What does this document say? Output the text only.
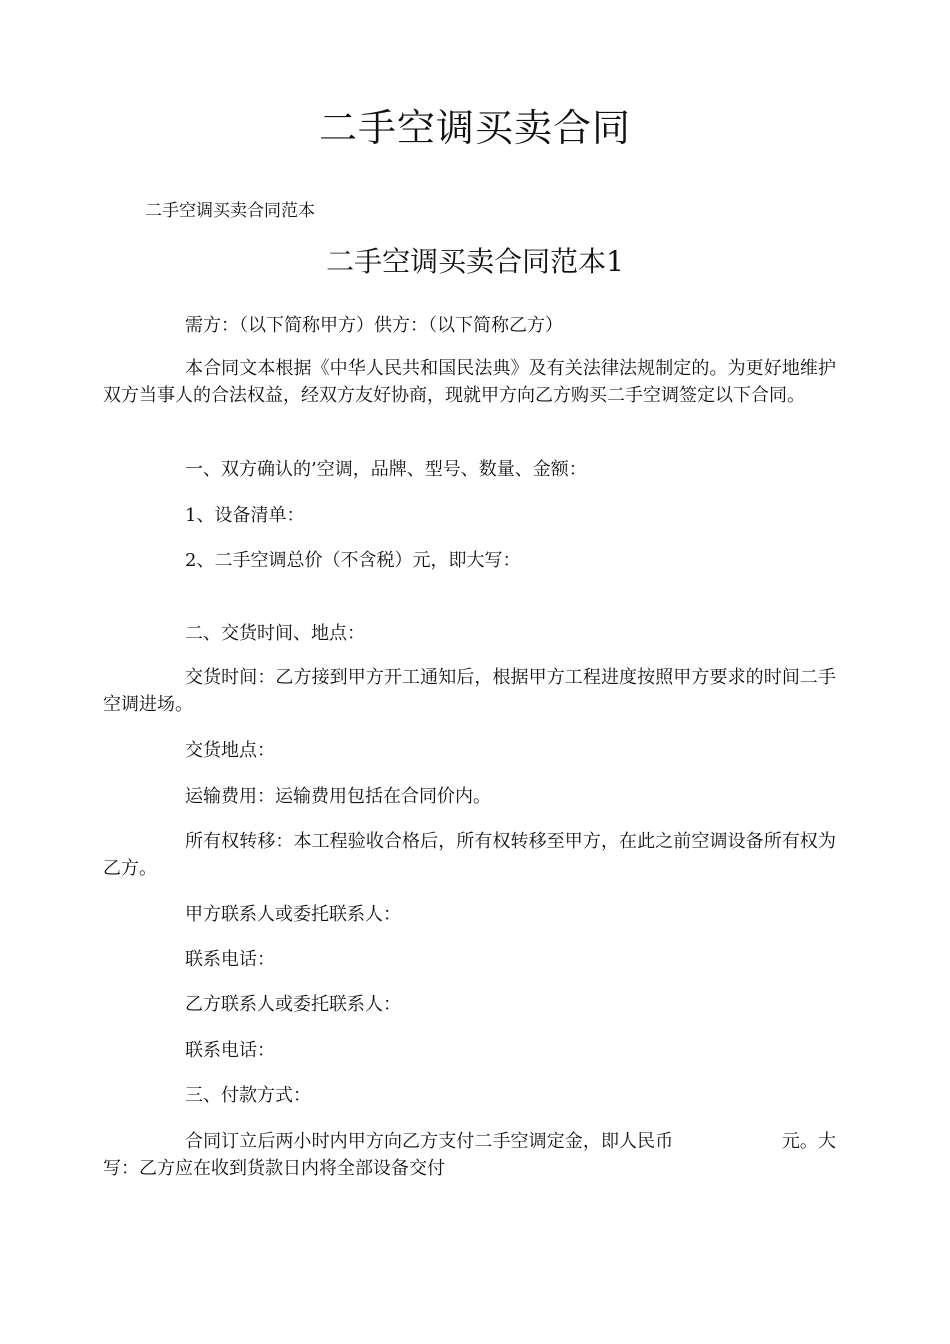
二手空调买卖合同
二手空调买卖合同范本
二手空调买卖合同范本1

需方：（以下简称甲方）供方：（以下简称乙方）

本合同文本根据《中华人民共和国民法典》及有关法律法规制定的。为更好地维护双方当事人的合法权益，经双方友好协商，现就甲方向乙方购买二手空调签定以下合同。

一、双方确认的’空调，品牌、型号、数量、金额：

1、设备清单：

2、二手空调总价（不含税）元，即大写：

二、交货时间、地点：

交货时间：乙方接到甲方开工通知后，根据甲方工程进度按照甲方要求的时间二手空调进场。

交货地点：

运输费用：运输费用包括在合同价内。

所有权转移：本工程验收合格后，所有权转移至甲方，在此之前空调设备所有权为乙方。

甲方联系人或委托联系人：

联系电话：

乙方联系人或委托联系人：

联系电话：

三、付款方式：

合同订立后两小时内甲方向乙方支付二手空调定金，即人民币　　　　　　元。大写：乙方应在收到货款日内将全部设备交付
